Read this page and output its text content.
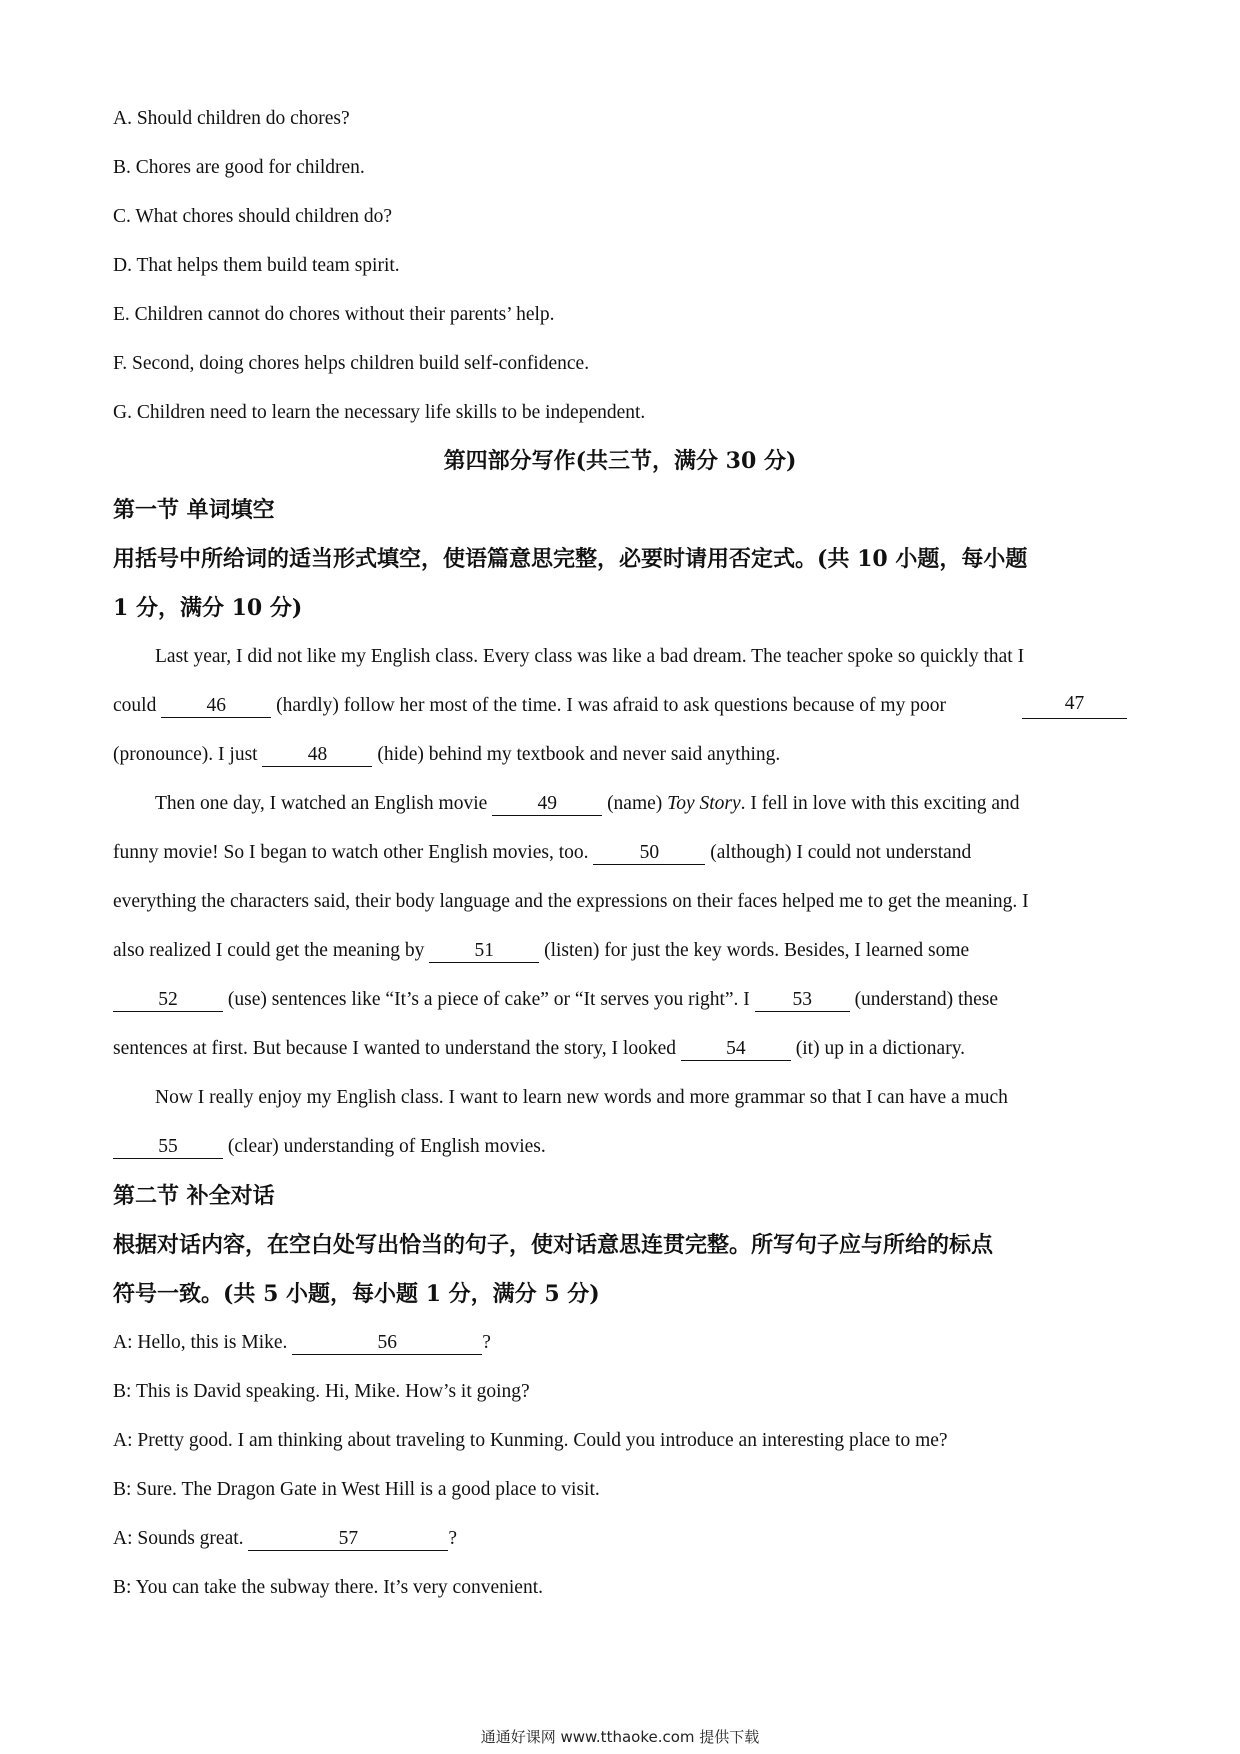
A. Should children do chores?
B. Chores are good for children.
C. What chores should children do?
D. That helps them build team spirit.
E. Children cannot do chores without their parents’ help.
F. Second, doing chores helps children build self-confidence.
G. Children need to learn the necessary life skills to be independent.
第四部分写作(共三节，满分 30 分)
第一节 单词填空
用括号中所给词的适当形式填空，使语篇意思完整，必要时请用否定式。(共 10 小题，每小题
1 分，满分 10 分)
Last year, I did not like my English class. Every class was like a bad dream. The teacher spoke so quickly that I
could	46	(hardly) follow her most of the time. I was afraid to ask questions because of my poor	47
(pronounce). I just	48	(hide) behind my textbook and never said anything.
Then one day, I watched an English movie	49	(name) Toy Story. I fell in love with this exciting and
funny movie! So I began to watch other English movies, too.	50	(although) I could not understand
everything the characters said, their body language and the expressions on their faces helped me to get the meaning. I
also realized I could get the meaning by	51	(listen) for just the key words. Besides, I learned some
52	(use) sentences like “It’s a piece of cake” or “It serves you right”. I 53 (understand) these
sentences at first. But because I wanted to understand the story, I looked	54	(it) up in a dictionary.
Now I really enjoy my English class. I want to learn new words and more grammar so that I can have a much
55	(clear) understanding of English movies.
第二节 补全对话
根据对话内容，在空白处写出恰当的句子，使对话意思连贯完整。所写句子应与所给的标点
符号一致。(共 5 小题，每小题 1 分，满分 5 分)
A: Hello, this is Mike.	56	?
B: This is David speaking. Hi, Mike. How’s it going?
A: Pretty good. I am thinking about traveling to Kunming. Could you introduce an interesting place to me?
B: Sure. The Dragon Gate in West Hill is a good place to visit.
A: Sounds great.	57	?
B: You can take the subway there. It’s very convenient.
通通好课网 www.tthaoke.com 提供下载
